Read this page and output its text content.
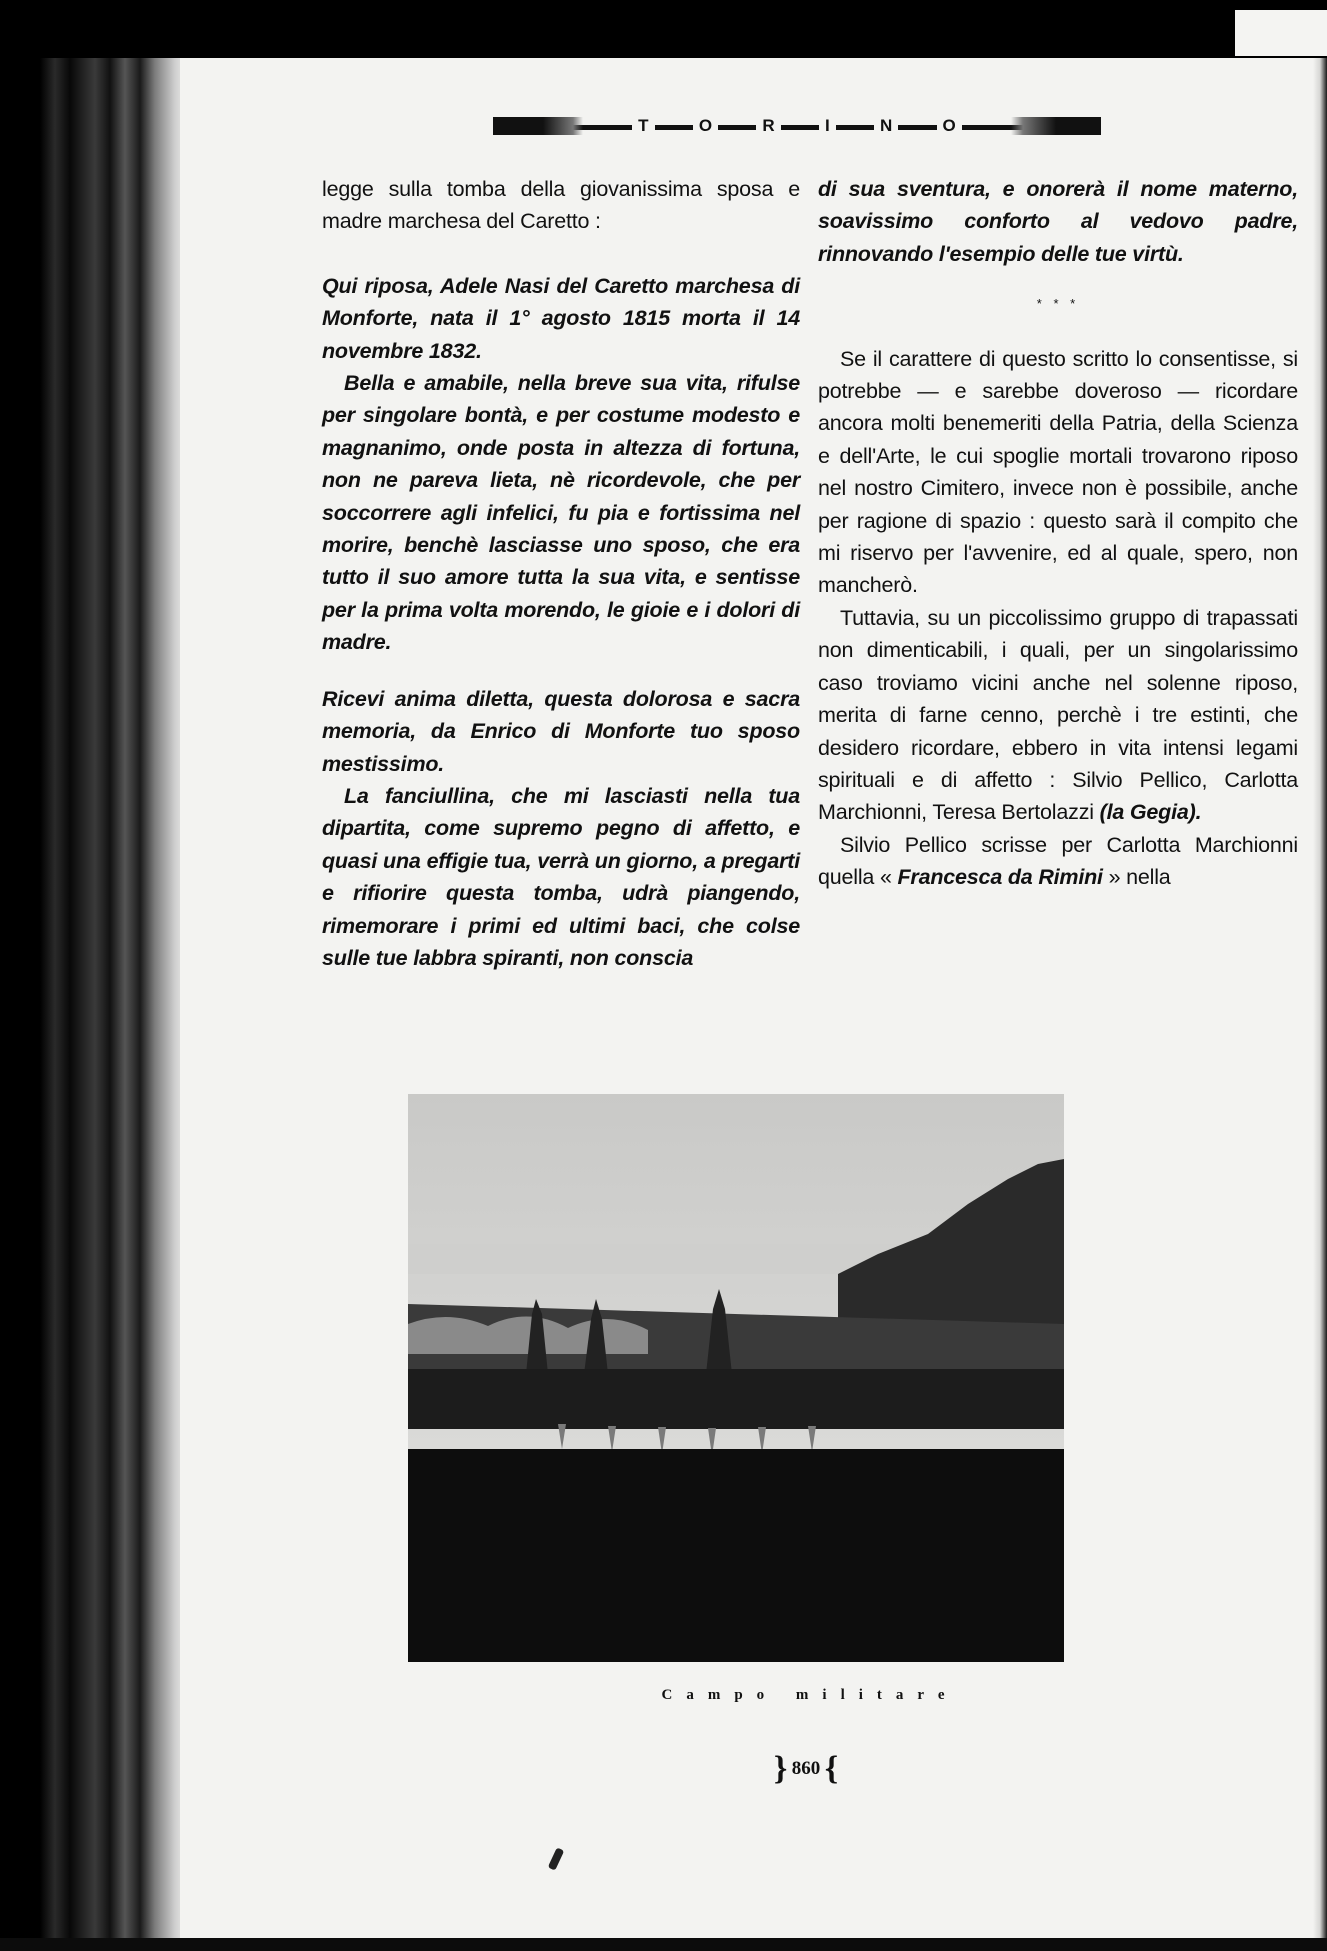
T	O	R	I	N	O

legge sulla tomba della giovanissima sposa e madre marchesa del Caretto :

Qui riposa, Adele Nasi del Caretto marchesa di Monforte, nata il 1° agosto 1815 morta il 14 novembre 1832.

Bella e amabile, nella breve sua vita, rifulse per singolare bontà, e per costume modesto e magnanimo, onde posta in altezza di fortuna, non ne pareva lieta, nè ricordevole, che per soccorrere agli infelici, fu pia e fortissima nel morire, benchè lasciasse uno sposo, che era tutto il suo amore tutta la sua vita, e sentisse per la prima volta morendo, le gioie e i dolori di madre.

Ricevi anima diletta, questa dolorosa e sacra memoria, da Enrico di Monforte tuo sposo mestissimo.

La fanciullina, che mi lasciasti nella tua dipartita, come supremo pegno di affetto, e quasi una effigie tua, verrà un giorno, a pregarti e rifiorire questa tomba, udrà piangendo, rimemorare i primi ed ultimi baci, che colse sulle tue labbra spiranti, non conscia

di sua sventura, e onorerà il nome materno, soavissimo conforto al vedovo padre, rinnovando l'esempio delle tue virtù.

* * *

Se il carattere di questo scritto lo consentisse, si potrebbe — e sarebbe doveroso — ricordare ancora molti benemeriti della Patria, della Scienza e dell'Arte, le cui spoglie mortali trovarono riposo nel nostro Cimitero, invece non è possibile, anche per ragione di spazio : questo sarà il compito che mi riservo per l'avvenire, ed al quale, spero, non mancherò.

Tuttavia, su un piccolissimo gruppo di trapassati non dimenticabili, i quali, per un singolarissimo caso troviamo vicini anche nel solenne riposo, merita di farne cenno, perchè i tre estinti, che desidero ricordare, ebbero in vita intensi legami spirituali e di affetto : Silvio Pellico, Carlotta Marchionni, Teresa Bertolazzi (la Gegia).

Silvio Pellico scrisse per Carlotta Marchionni quella « Francesca da Rimini » nella

Campo militare
} 860 {
